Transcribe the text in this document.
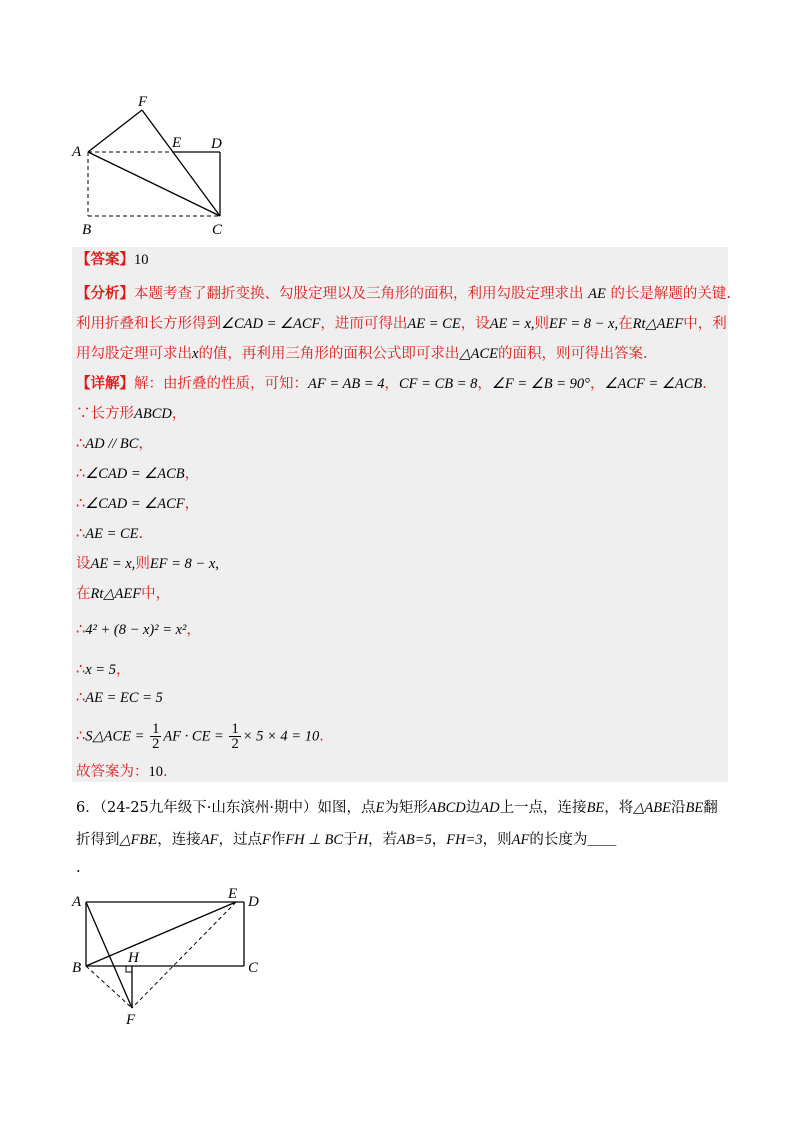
F
E D
A
B	C
【答案】10
【分析】本题考查了翻折变换、勾股定理以及三角形的面积，利用勾股定理求出 AE 的长是解题的关键.
利用折叠和长方形得到∠CAD = ∠ACF，进而可得出AE = CE，设AE = x,则EF = 8 − x,在Rt△AEF中，利
用勾股定理可求出x的值，再利用三角形的面积公式即可求出△ACE的面积，则可得出答案.
【详解】解：由折叠的性质，可知：AF = AB = 4，CF = CB = 8，∠F = ∠B = 90°，∠ACF = ∠ACB.
∵长方形ABCD，
∴AD // BC，
∴∠CAD = ∠ACB，
∴∠CAD = ∠ACF，
∴AE = CE.
设AE = x,则EF = 8 − x,
在Rt△AEF中，
∴4² + (8 − x)² = x²，
∴x = 5，
∴AE = EC = 5
∴S△ACE = $\frac{1}{2}$ AF · CE = $\frac{1}{2} \times 5 \times 4 = 10$.
故答案为：10.
6．（24-25九年级下·山东滨州·期中）如图，点E为矩形ABCD边AD上一点，连接BE，将△ABE沿BE翻
折得到△FBE，连接AF，过点F作FH ⊥ BC于H，若AB=5，FH=3，则AF的长度为＿＿
.
A	E D
B
H
C
F
